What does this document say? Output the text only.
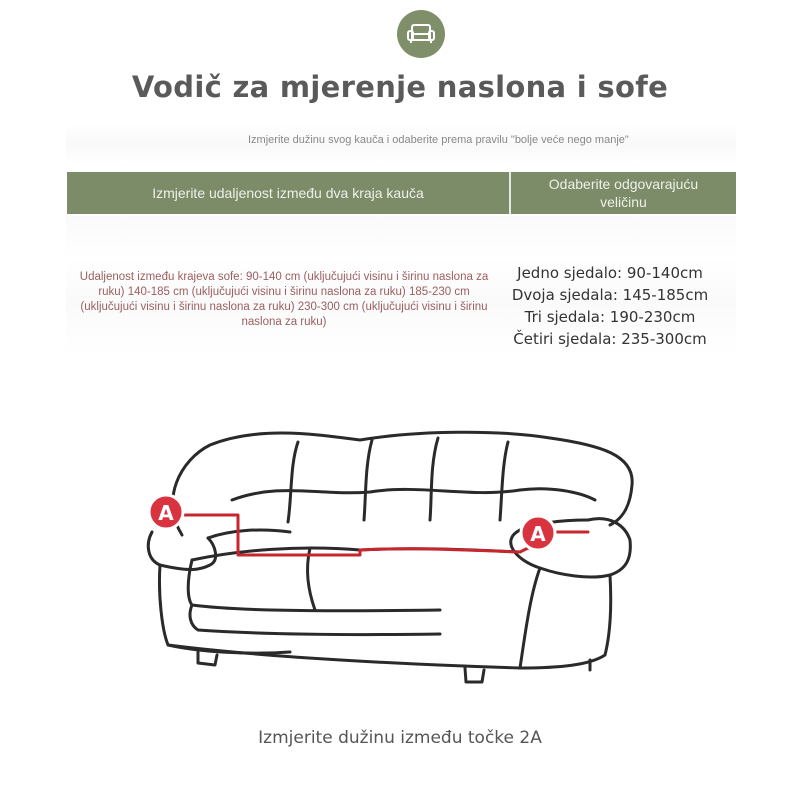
Vodič za mjerenje naslona i sofe
Izmjerite dužinu svog kauča i odaberite prema pravilu "bolje veće nego manje"
Izmjerite udaljenost između dva kraja kauča
Odaberite odgovarajuću veličinu
Udaljenost između krajeva sofe: 90-140 cm (uključujući visinu i širinu naslona za ruku) 140-185 cm (uključujući visinu i širinu naslona za ruku) 185-230 cm (uključujući visinu i širinu naslona za ruku) 230-300 cm (uključujući visinu i širinu naslona za ruku)
Jedno sjedalo: 90-140cm
Dvoja sjedala: 145-185cm
Tri sjedala: 190-230cm
Četiri sjedala: 235-300cm
A
A
Izmjerite dužinu između točke 2A
